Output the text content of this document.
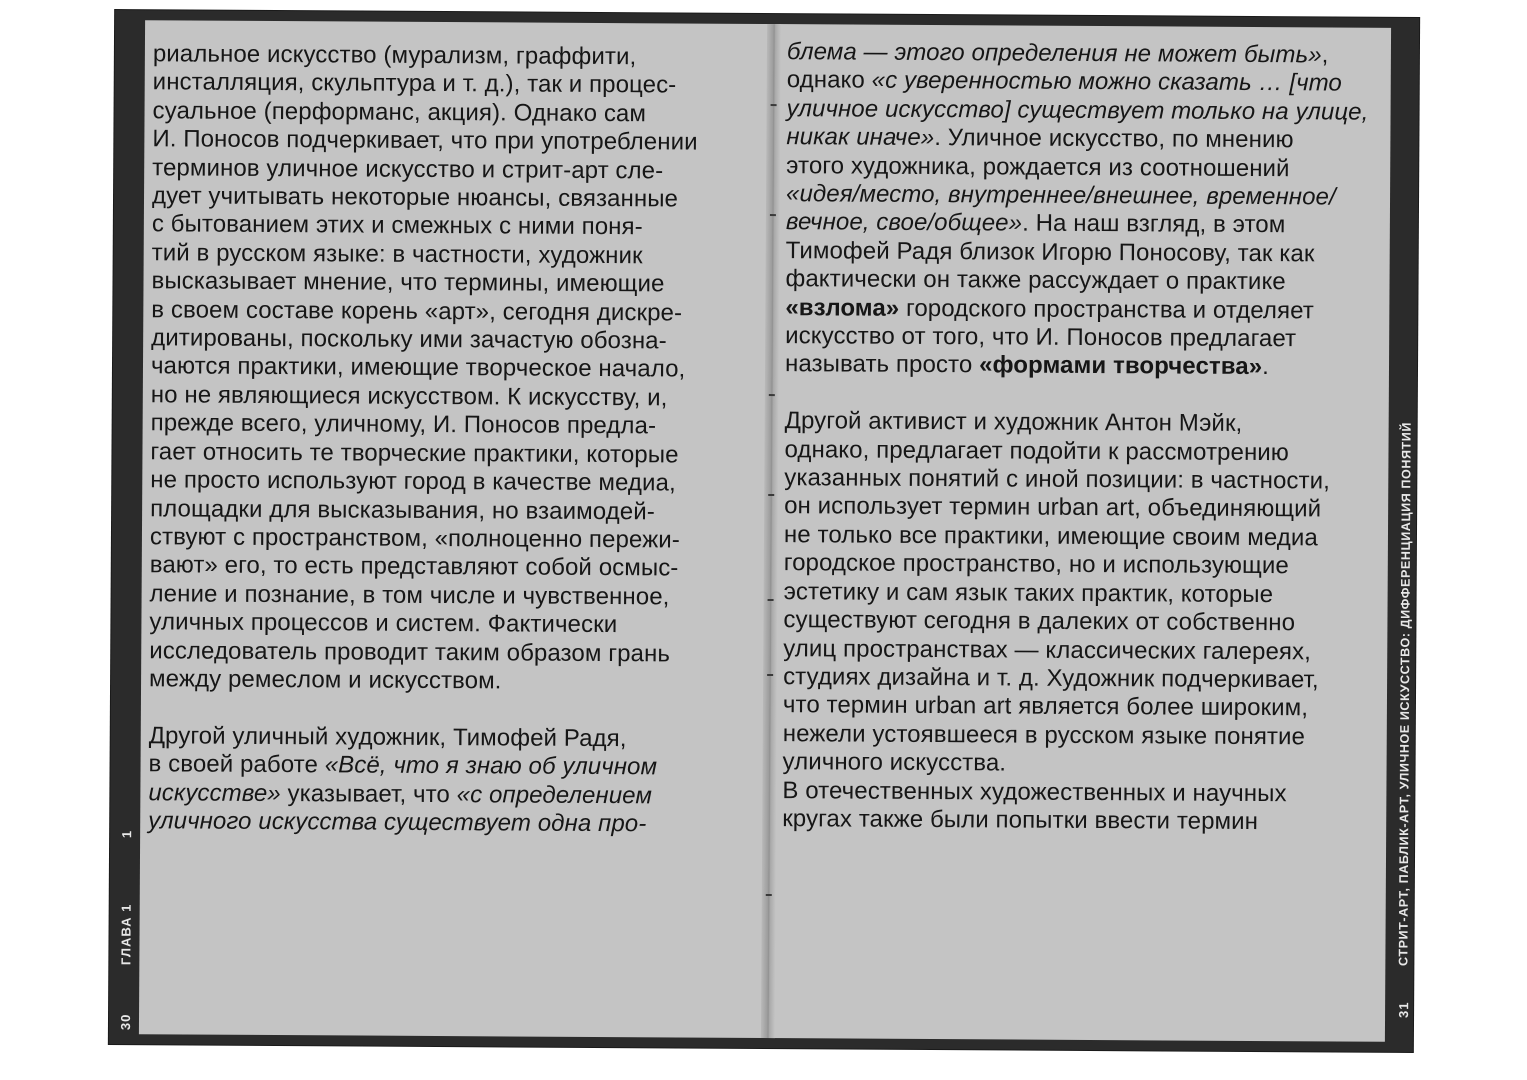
риальное искусство (мурализм, граффити,
инсталляция, скульптура и т. д.), так и процес-
суальное (перформанс, акция). Однако сам
И. Поносов подчеркивает, что при употреблении
терминов уличное искусство и стрит-арт сле-
дует учитывать некоторые нюансы, связанные
с бытованием этих и смежных с ними поня-
тий в русском языке: в частности, художник
высказывает мнение, что термины, имеющие
в своем составе корень «арт», сегодня дискре-
дитированы, поскольку ими зачастую обозна-
чаются практики, имеющие творческое начало,
но не являющиеся искусством. К искусству, и,
прежде всего, уличному, И. Поносов предла-
гает относить те творческие практики, которые
не просто используют город в качестве медиа,
площадки для высказывания, но взаимодей-
ствуют с пространством, «полноценно пережи-
вают» его, то есть представляют собой осмыс-
ление и познание, в том числе и чувственное,
уличных процессов и систем. Фактически
исследователь проводит таким образом грань
между ремеслом и искусством.
Другой уличный художник, Тимофей Радя,
в своей работе «Всё, что я знаю об уличном
искусстве» указывает, что «с определением
уличного искусства существует одна про-
блема — этого определения не может быть»,
однако «с уверенностью можно сказать … [что
уличное искусство] существует только на улице,
никак иначе». Уличное искусство, по мнению
этого художника, рождается из соотношений
«идея/место, внутреннее/внешнее, временное/
вечное, свое/общее». На наш взгляд, в этом
Тимофей Радя близок Игорю Поносову, так как
фактически он также рассуждает о практике
«взлома» городского пространства и отделяет
искусство от того, что И. Поносов предлагает
называть просто «формами творчества».
Другой активист и художник Антон Мэйк,
однако, предлагает подойти к рассмотрению
указанных понятий с иной позиции: в частности,
он использует термин urban art, объединяющий
не только все практики, имеющие своим медиа
городское пространство, но и использующие
эстетику и сам язык таких практик, которые
существуют сегодня в далеких от собственно
улиц пространствах — классических галереях,
студиях дизайна и т. д. Художник подчеркивает,
что термин urban art является более широким,
нежели устоявшееся в русском языке понятие
уличного искусства.
В отечественных художественных и научных
кругах также были попытки ввести термин
30
ГЛАВА 1
1
31
СТРИТ-АРТ, ПАБЛИК-АРТ, УЛИЧНОЕ ИСКУССТВО: ДИФФЕРЕНЦИАЦИЯ ПОНЯТИЙ
